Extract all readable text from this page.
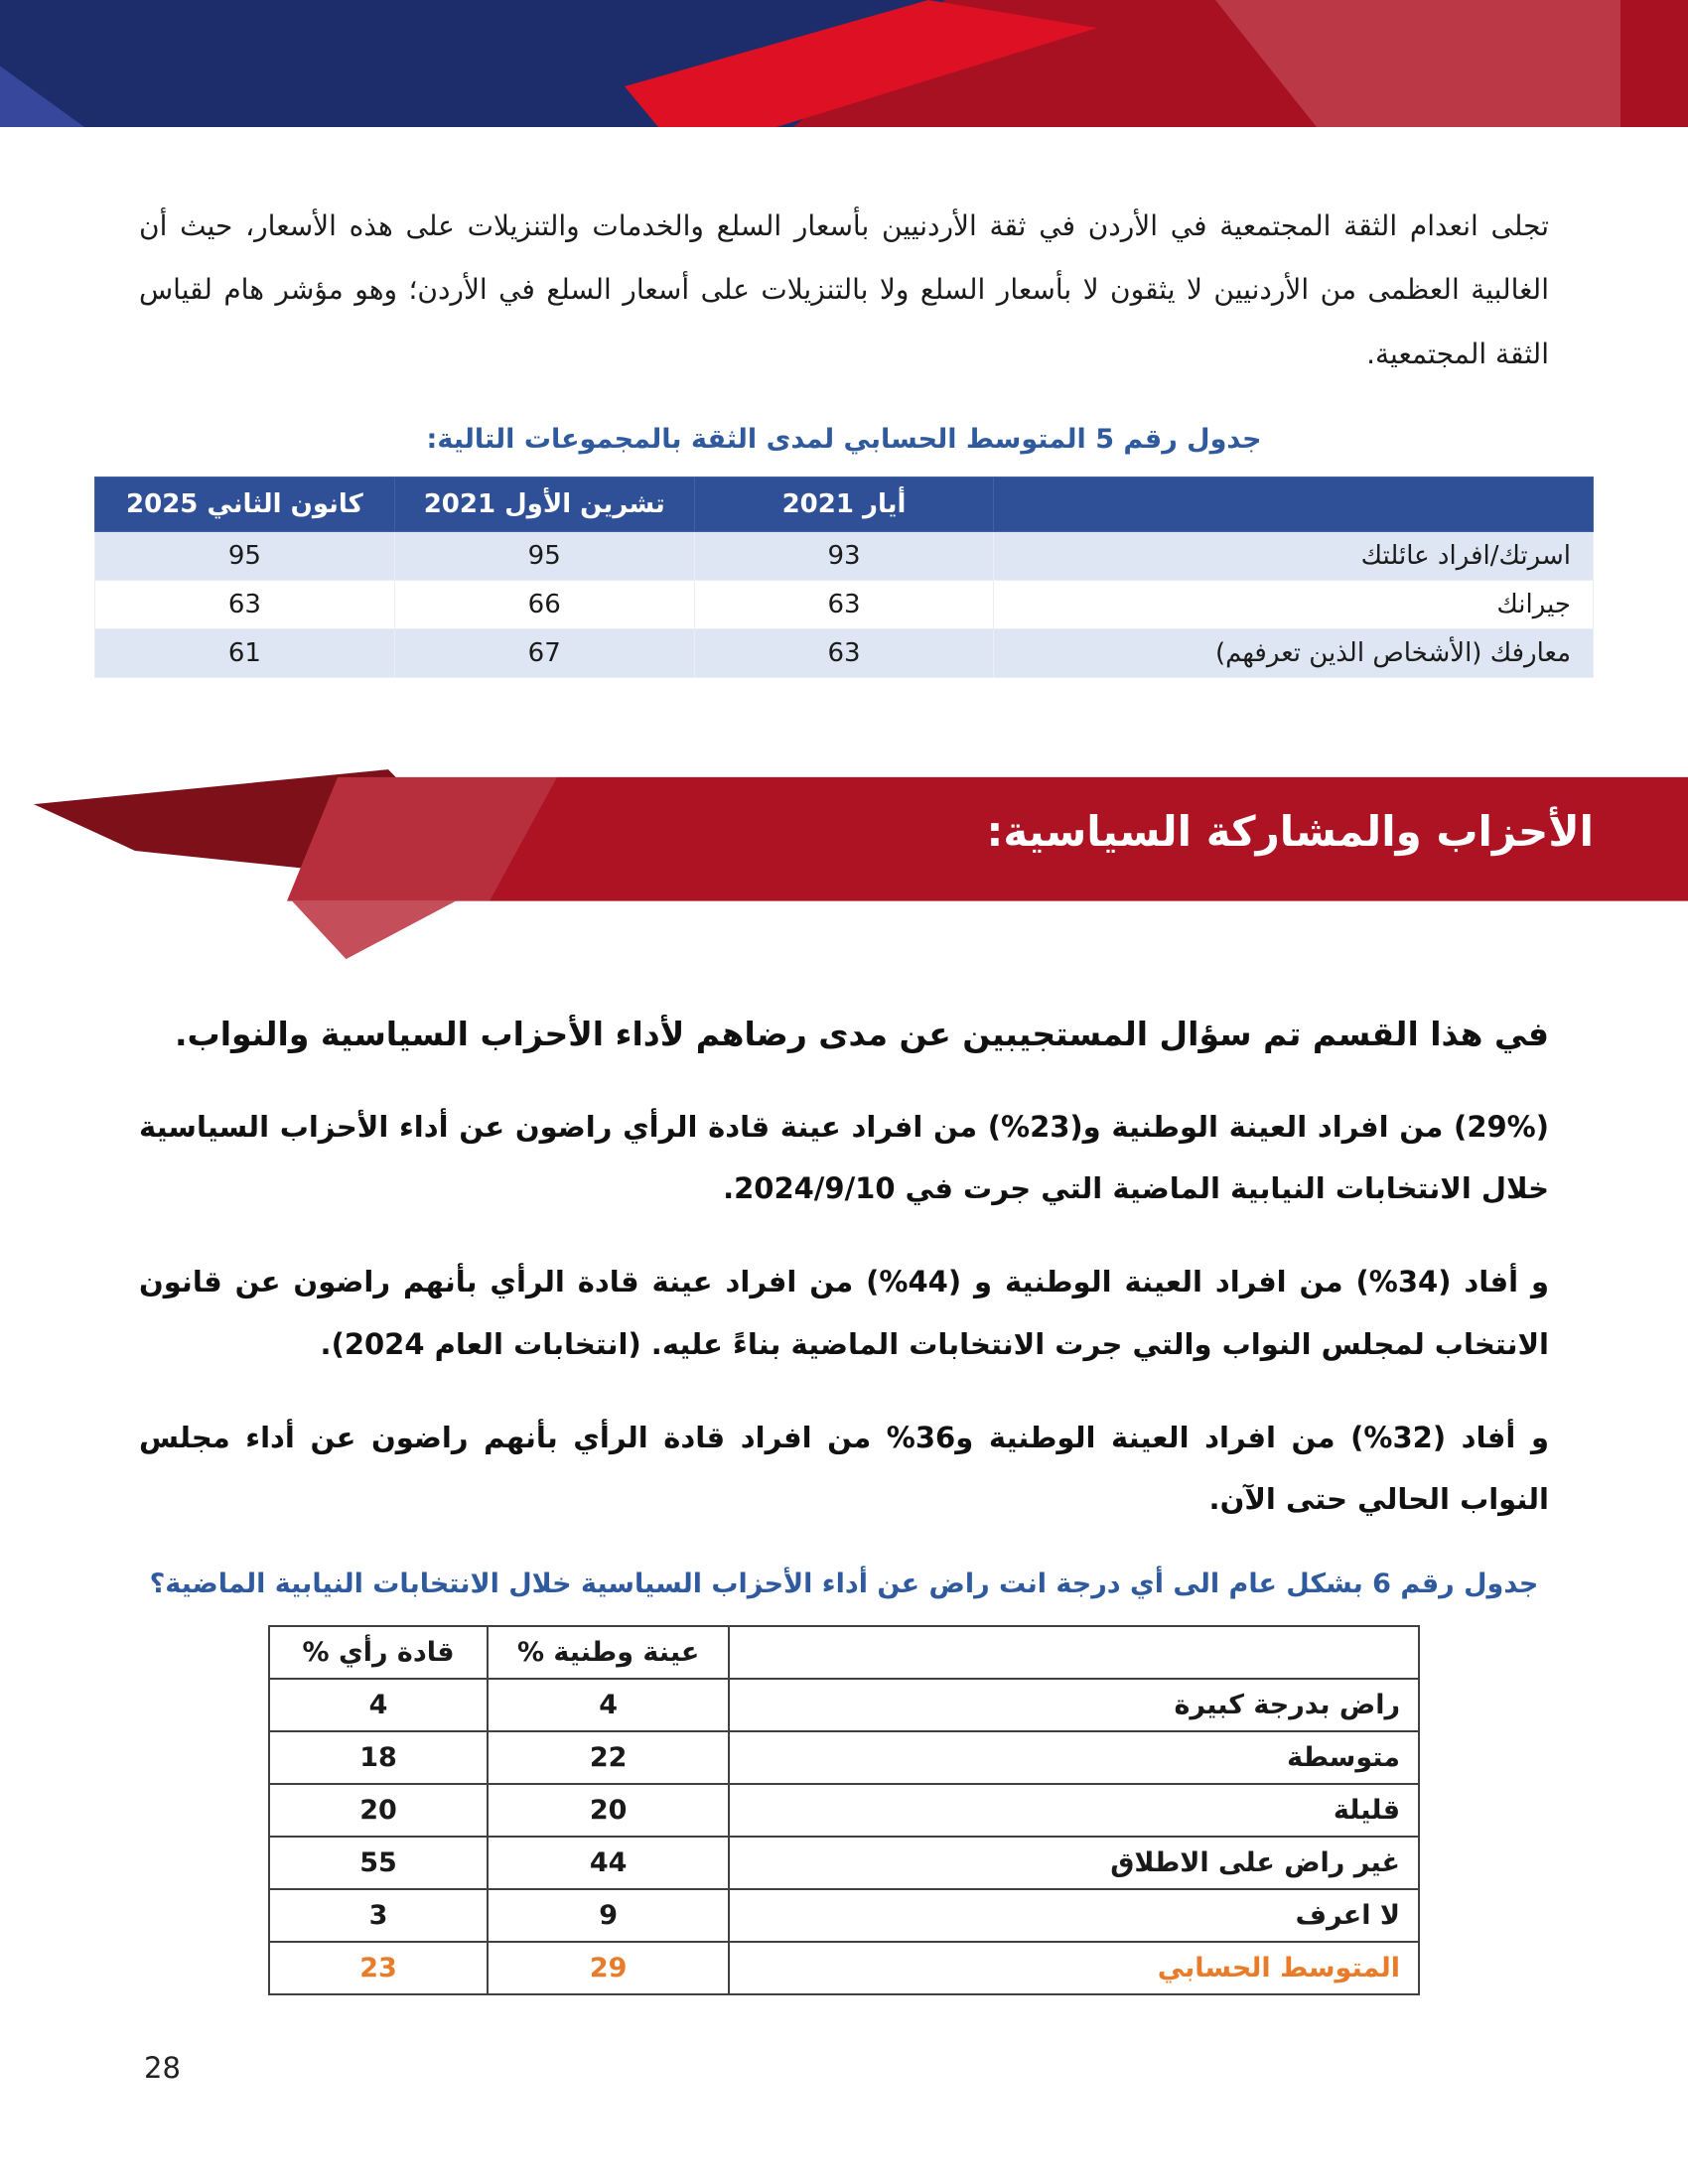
تجلى انعدام الثقة المجتمعية في الأردن في ثقة الأردنيين بأسعار السلع والخدمات والتنزيلات على هذه الأسعار، حيث أن الغالبية العظمى من الأردنيين لا يثقون لا بأسعار السلع ولا بالتنزيلات على أسعار السلع في الأردن؛ وهو مؤشر هام لقياس الثقة المجتمعية.

جدول رقم 5 المتوسط الحسابي لمدى الثقة بالمجموعات التالية:

	أيار 2021	تشرين الأول 2021	كانون الثاني 2025
اسرتك/افراد عائلتك	93	95	95
جيرانك	63	66	63
معارفك (الأشخاص الذين تعرفهم)	63	67	61
الأحزاب والمشاركة السياسية:

في هذا القسم تم سؤال المستجيبين عن مدى رضاهم لأداء الأحزاب السياسية والنواب.

(29%) من افراد العينة الوطنية و(23%) من افراد عينة قادة الرأي راضون عن أداء الأحزاب السياسية خلال الانتخابات النيابية الماضية التي جرت في 2024/9/10.

و أفاد (34%) من افراد العينة الوطنية و (44%) من افراد عينة قادة الرأي بأنهم راضون عن قانون الانتخاب لمجلس النواب والتي جرت الانتخابات الماضية بناءً عليه. (انتخابات العام 2024).

و أفاد (32%) من افراد العينة الوطنية و36% من افراد قادة الرأي بأنهم راضون عن أداء مجلس النواب الحالي حتى الآن.

جدول رقم 6 بشكل عام الى أي درجة انت راض عن أداء الأحزاب السياسية خلال الانتخابات النيابية الماضية؟

	عينة وطنية %	قادة رأي %
راض بدرجة كبيرة	4	4
متوسطة	22	18
قليلة	20	20
غير راض على الاطلاق	44	55
لا اعرف	9	3
المتوسط الحسابي	29	23
28
